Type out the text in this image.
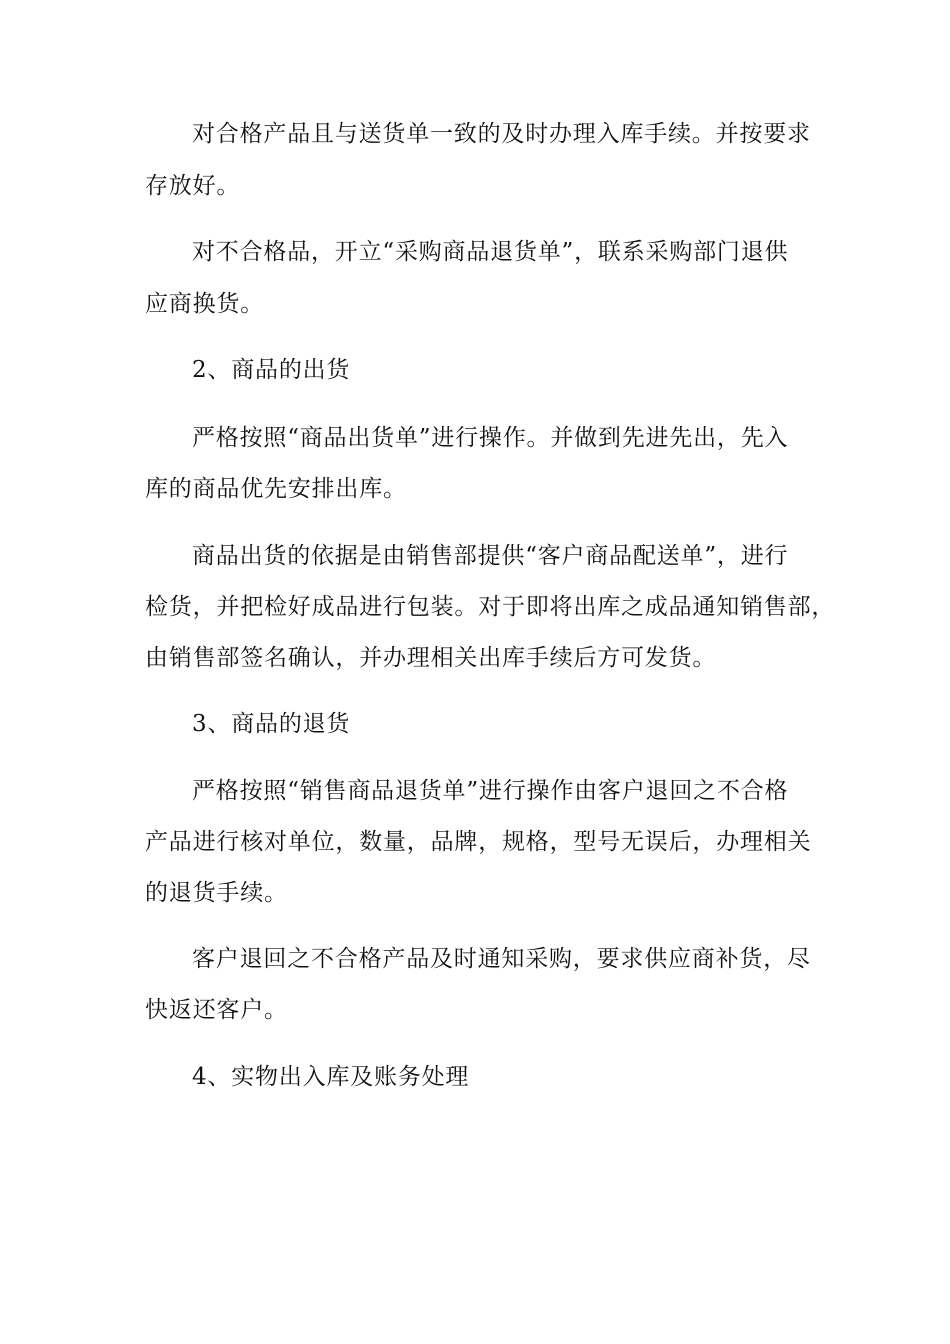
对合格产品且与送货单一致的及时办理入库手续。并按要求
存放好。
对不合格品，开立“采购商品退货单”，联系采购部门退供
应商换货。
2、商品的出货
严格按照“商品出货单”进行操作。并做到先进先出，先入
库的商品优先安排出库。
商品出货的依据是由销售部提供“客户商品配送单”，进行
检货，并把检好成品进行包装。对于即将出库之成品通知销售部，
由销售部签名确认，并办理相关出库手续后方可发货。
3、商品的退货
严格按照“销售商品退货单”进行操作由客户退回之不合格
产品进行核对单位，数量，品牌，规格，型号无误后，办理相关
的退货手续。
客户退回之不合格产品及时通知采购，要求供应商补货，尽
快返还客户。
4、实物出入库及账务处理
